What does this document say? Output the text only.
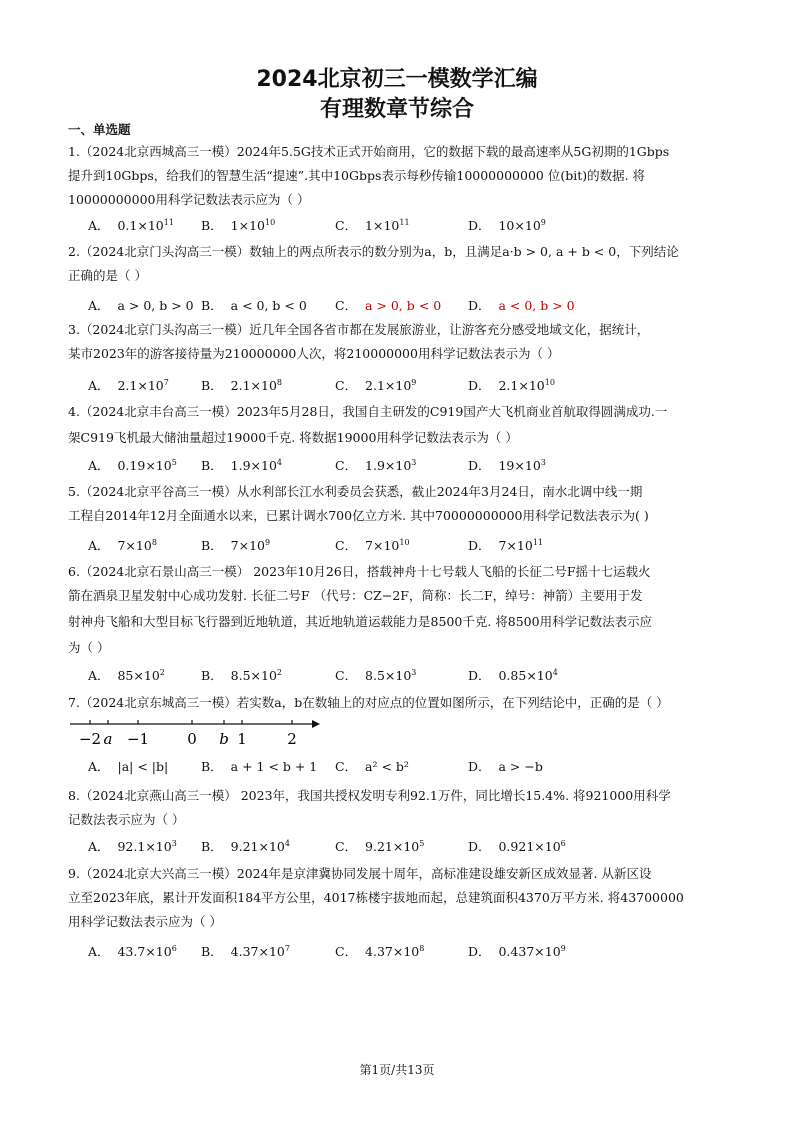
2024北京初三一模数学汇编
有理数章节综合
一、单选题
1.（2024北京西城高三一模）2024年5.5G技术正式开始商用，它的数据下载的最高速率从5G初期的1Gbps
提升到10Gbps，给我们的智慧生活“提速”.其中10Gbps表示每秒传输10000000000 位(bit)的数据. 将
10000000000用科学记数法表示应为（ ）
A．  $0.1\times 10^{11}$ B．  $1\times 10^{10}$	C．  $1\times 10^{11}$	D．  $10\times 10^9$
2.（2024北京门头沟高三一模）数轴上的两点所表示的数分别为a，b，且满足a·b > 0, a + b < 0，下列结论
正确的是（ ）
A．  a > 0, b > 0 B．  a < 0, b < 0 C．  a > 0, b < 0 D．  a < 0, b > 0
3.（2024北京门头沟高三一模）近几年全国各省市都在发展旅游业，让游客充分感受地域文化，据统计，
某市2023年的游客接待量为210000000人次，将210000000用科学记数法表示为（ ）
A．  $2.1\times 10^7$	B．  $2.1\times 10^8$	C．  $2.1\times 10^9$	D．  $2.1\times 10^{10}$
4.（2024北京丰台高三一模）2023年5月28日，我国自主研发的C919国产大飞机商业首航取得圆满成功.一
架C919飞机最大储油量超过19000千克. 将数据19000用科学记数法表示为（ ）
A．  $0.19\times 10^5$ B．  $1.9\times 10^4$	C．  $1.9\times 10^3$	D．  $19\times 10^3$
5.（2024北京平谷高三一模）从水利部长江水利委员会获悉，截止2024年3月24日，南水北调中线一期
工程自2014年12月全面通水以来，已累计调水700亿立方米. 其中70000000000用科学记数法表示为( )
A．  $7\times 10^8$	B．  $7\times 10^9$	C．  $7\times 10^{10}$	D．  $7\times 10^{11}$
6.（2024北京石景山高三一模） 2023年10月26日，搭载神舟十七号载人飞船的长征二号F摇十七运载火
箭在酒泉卫星发射中心成功发射. 长征二号F （代号：CZ−2F，简称：长二F，绰号：神箭）主要用于发
射神舟飞船和大型目标飞行器到近地轨道，其近地轨道运载能力是8500千克. 将8500用科学记数法表示应
为（ ）
A．  $85\times 10^2$	B．  $8.5\times 10^2$	C．  $8.5\times 10^3$	D．  $0.85\times 10^4$
7.（2024北京东城高三一模）若实数a，b在数轴上的对应点的位置如图所示，在下列结论中，正确的是（ ）
A．  |a| < |b|	B．  a + 1 < b + 1 C．  a² < b²	D．  a > −b
−2 a −1	0 b 1	2
8.（2024北京燕山高三一模） 2023年，我国共授权发明专利92.1万件，同比增长15.4%. 将921000用科学
记数法表示应为（ ）
A．  $92.1\times 10^3$ B．  $9.21\times 10^4$	C．  $9.21\times 10^5$	D．  $0.921\times 10^6$
9.（2024北京大兴高三一模）2024年是京津冀协同发展十周年，高标准建设雄安新区成效显著. 从新区设
立至2023年底，累计开发面积184平方公里，4017栋楼宇拔地而起，总建筑面积4370万平方米. 将43700000
用科学记数法表示应为（ ）
A．  $43.7\times 10^6$ B．  $4.37\times 10^7$	C．  $4.37\times 10^8$	D．  $0.437\times 10^9$
第1页/共13页
